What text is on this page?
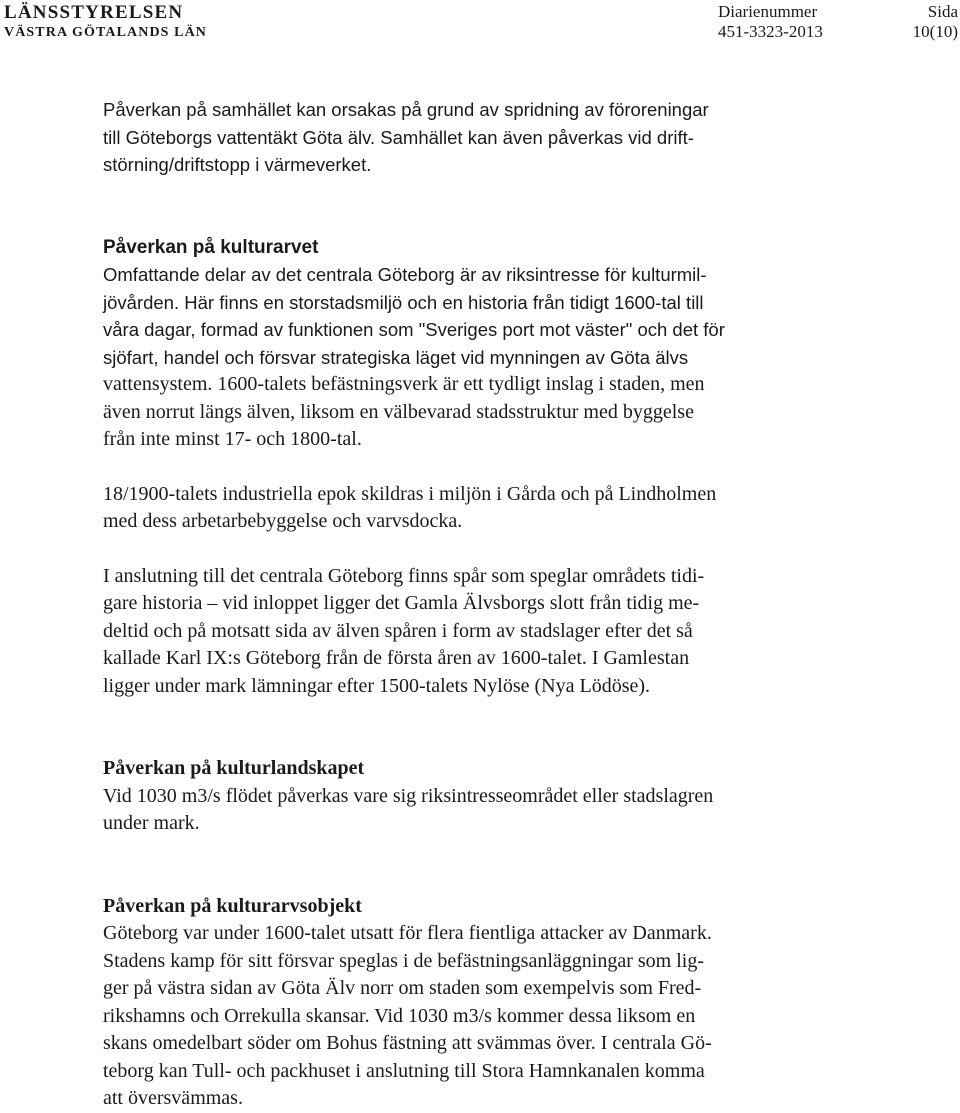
LÄNSSTYRELSEN
VÄSTRA GÖTALANDS LÄN
Diarienummer
451-3323-2013
Sida
10(10)

Påverkan på samhället kan orsakas på grund av spridning av föroreningar
till Göteborgs vattentäkt Göta älv. Samhället kan även påverkas vid drift-
störning/driftstopp i värmeverket.

Påverkan på kulturarvet

Omfattande delar av det centrala Göteborg är av riksintresse för kulturmil-
jövården. Här finns en storstadsmiljö och en historia från tidigt 1600-tal till
våra dagar, formad av funktionen som "Sveriges port mot väster" och det för
sjöfart, handel och försvar strategiska läget vid mynningen av Göta älvs

vattensystem. 1600-talets befästningsverk är ett tydligt inslag i staden, men
även norrut längs älven, liksom en välbevarad stadsstruktur med byggelse
från inte minst 17- och 1800-tal.

18/1900-talets industriella epok skildras i miljön i Gårda och på Lindholmen
med dess arbetarbebyggelse och varvsdocka.

I anslutning till det centrala Göteborg finns spår som speglar områdets tidi-
gare historia – vid inloppet ligger det Gamla Älvsborgs slott från tidig me-
deltid och på motsatt sida av älven spåren i form av stadslager efter det så
kallade Karl IX:s Göteborg från de första åren av 1600-talet. I Gamlestan
ligger under mark lämningar efter 1500-talets Nylöse (Nya Lödöse).

Påverkan på kulturlandskapet

Vid 1030 m3/s flödet påverkas vare sig riksintresseområdet eller stadslagren
under mark.

Påverkan på kulturarvsobjekt

Göteborg var under 1600-talet utsatt för flera fientliga attacker av Danmark.
Stadens kamp för sitt försvar speglas i de befästningsanläggningar som lig-
ger på västra sidan av Göta Älv norr om staden som exempelvis som Fred-
rikshamns och Orrekulla skansar. Vid 1030 m3/s kommer dessa liksom en
skans omedelbart söder om Bohus fästning att svämmas över. I centrala Gö-
teborg kan Tull- och packhuset i anslutning till Stora Hamnkanalen komma
att översvämmas.
